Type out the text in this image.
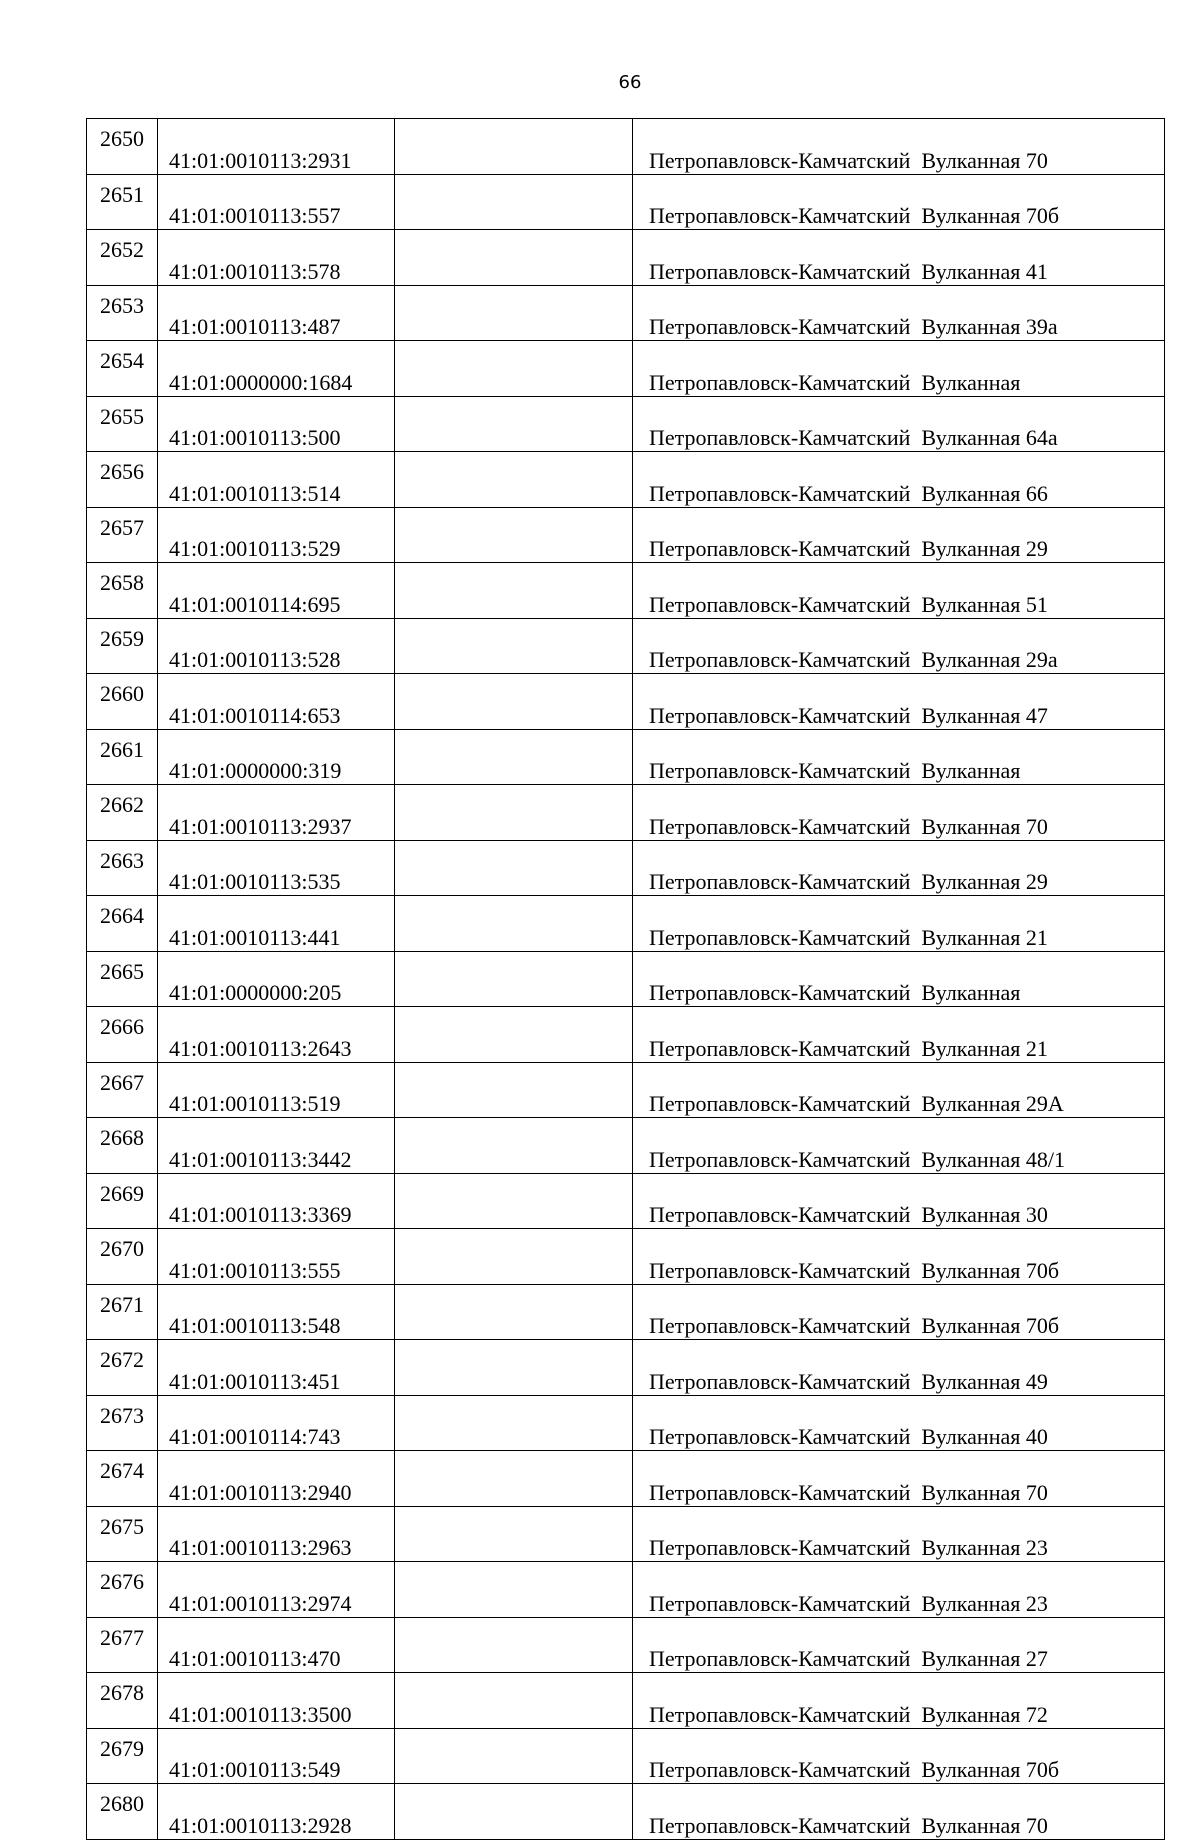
66
2650	41:01:0010113:2931		Петропавловск-Камчатский  Вулканная 70
2651	41:01:0010113:557		Петропавловск-Камчатский  Вулканная 70б
2652	41:01:0010113:578		Петропавловск-Камчатский  Вулканная 41
2653	41:01:0010113:487		Петропавловск-Камчатский  Вулканная 39а
2654	41:01:0000000:1684		Петропавловск-Камчатский  Вулканная
2655	41:01:0010113:500		Петропавловск-Камчатский  Вулканная 64а
2656	41:01:0010113:514		Петропавловск-Камчатский  Вулканная 66
2657	41:01:0010113:529		Петропавловск-Камчатский  Вулканная 29
2658	41:01:0010114:695		Петропавловск-Камчатский  Вулканная 51
2659	41:01:0010113:528		Петропавловск-Камчатский  Вулканная 29а
2660	41:01:0010114:653		Петропавловск-Камчатский  Вулканная 47
2661	41:01:0000000:319		Петропавловск-Камчатский  Вулканная
2662	41:01:0010113:2937		Петропавловск-Камчатский  Вулканная 70
2663	41:01:0010113:535		Петропавловск-Камчатский  Вулканная 29
2664	41:01:0010113:441		Петропавловск-Камчатский  Вулканная 21
2665	41:01:0000000:205		Петропавловск-Камчатский  Вулканная
2666	41:01:0010113:2643		Петропавловск-Камчатский  Вулканная 21
2667	41:01:0010113:519		Петропавловск-Камчатский  Вулканная 29А
2668	41:01:0010113:3442		Петропавловск-Камчатский  Вулканная 48/1
2669	41:01:0010113:3369		Петропавловск-Камчатский  Вулканная 30
2670	41:01:0010113:555		Петропавловск-Камчатский  Вулканная 70б
2671	41:01:0010113:548		Петропавловск-Камчатский  Вулканная 70б
2672	41:01:0010113:451		Петропавловск-Камчатский  Вулканная 49
2673	41:01:0010114:743		Петропавловск-Камчатский  Вулканная 40
2674	41:01:0010113:2940		Петропавловск-Камчатский  Вулканная 70
2675	41:01:0010113:2963		Петропавловск-Камчатский  Вулканная 23
2676	41:01:0010113:2974		Петропавловск-Камчатский  Вулканная 23
2677	41:01:0010113:470		Петропавловск-Камчатский  Вулканная 27
2678	41:01:0010113:3500		Петропавловск-Камчатский  Вулканная 72
2679	41:01:0010113:549		Петропавловск-Камчатский  Вулканная 70б
2680	41:01:0010113:2928		Петропавловск-Камчатский  Вулканная 70
